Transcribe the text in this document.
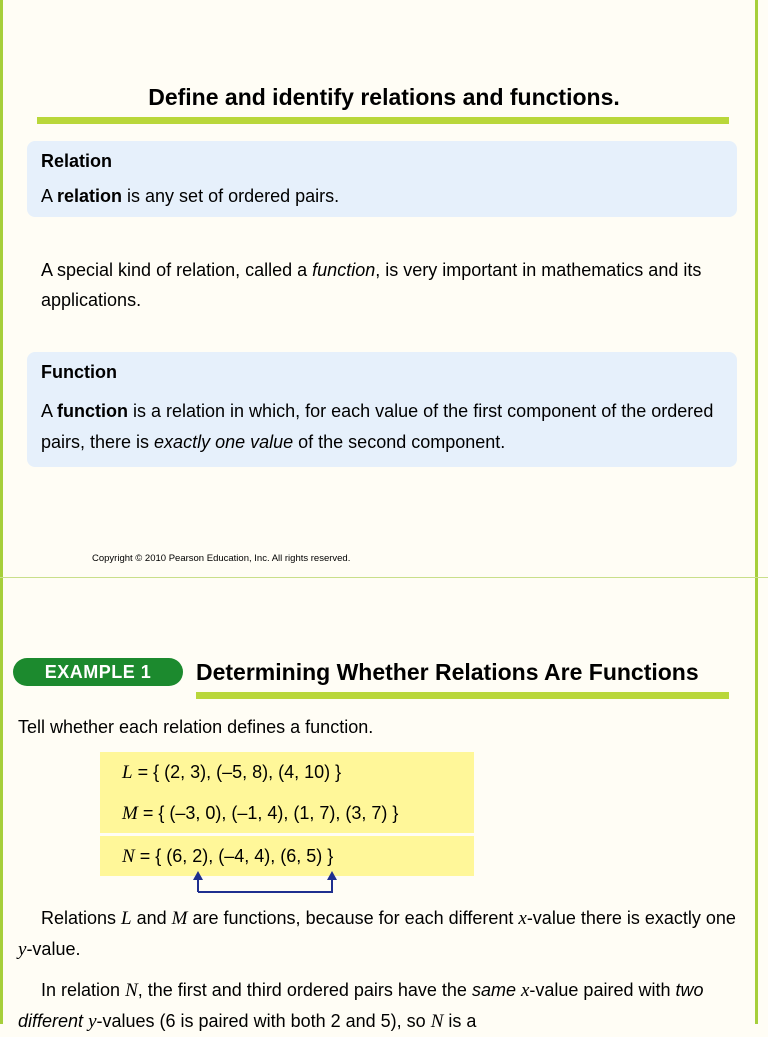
Define and identify relations and functions.
Relation
A relation is any set of ordered pairs.
A special kind of relation, called a function, is very important in mathematics and its applications.
Function
A function is a relation in which, for each value of the first component of the ordered pairs, there is exactly one value of the second component.
Copyright © 2010 Pearson Education, Inc. All rights reserved.
EXAMPLE 1	Determining Whether Relations Are Functions
Tell whether each relation defines a function.
L = { (2, 3), (–5, 8), (4, 10) }
M = { (–3, 0), (–1, 4), (1, 7), (3, 7) }
N = { (6, 2), (–4, 4), (6, 5) }
Relations L and M are functions, because for each different x-value there is exactly one y-value.
In relation N, the first and third ordered pairs have the same x-value paired with two different y-values (6 is paired with both 2 and 5), so N is a
